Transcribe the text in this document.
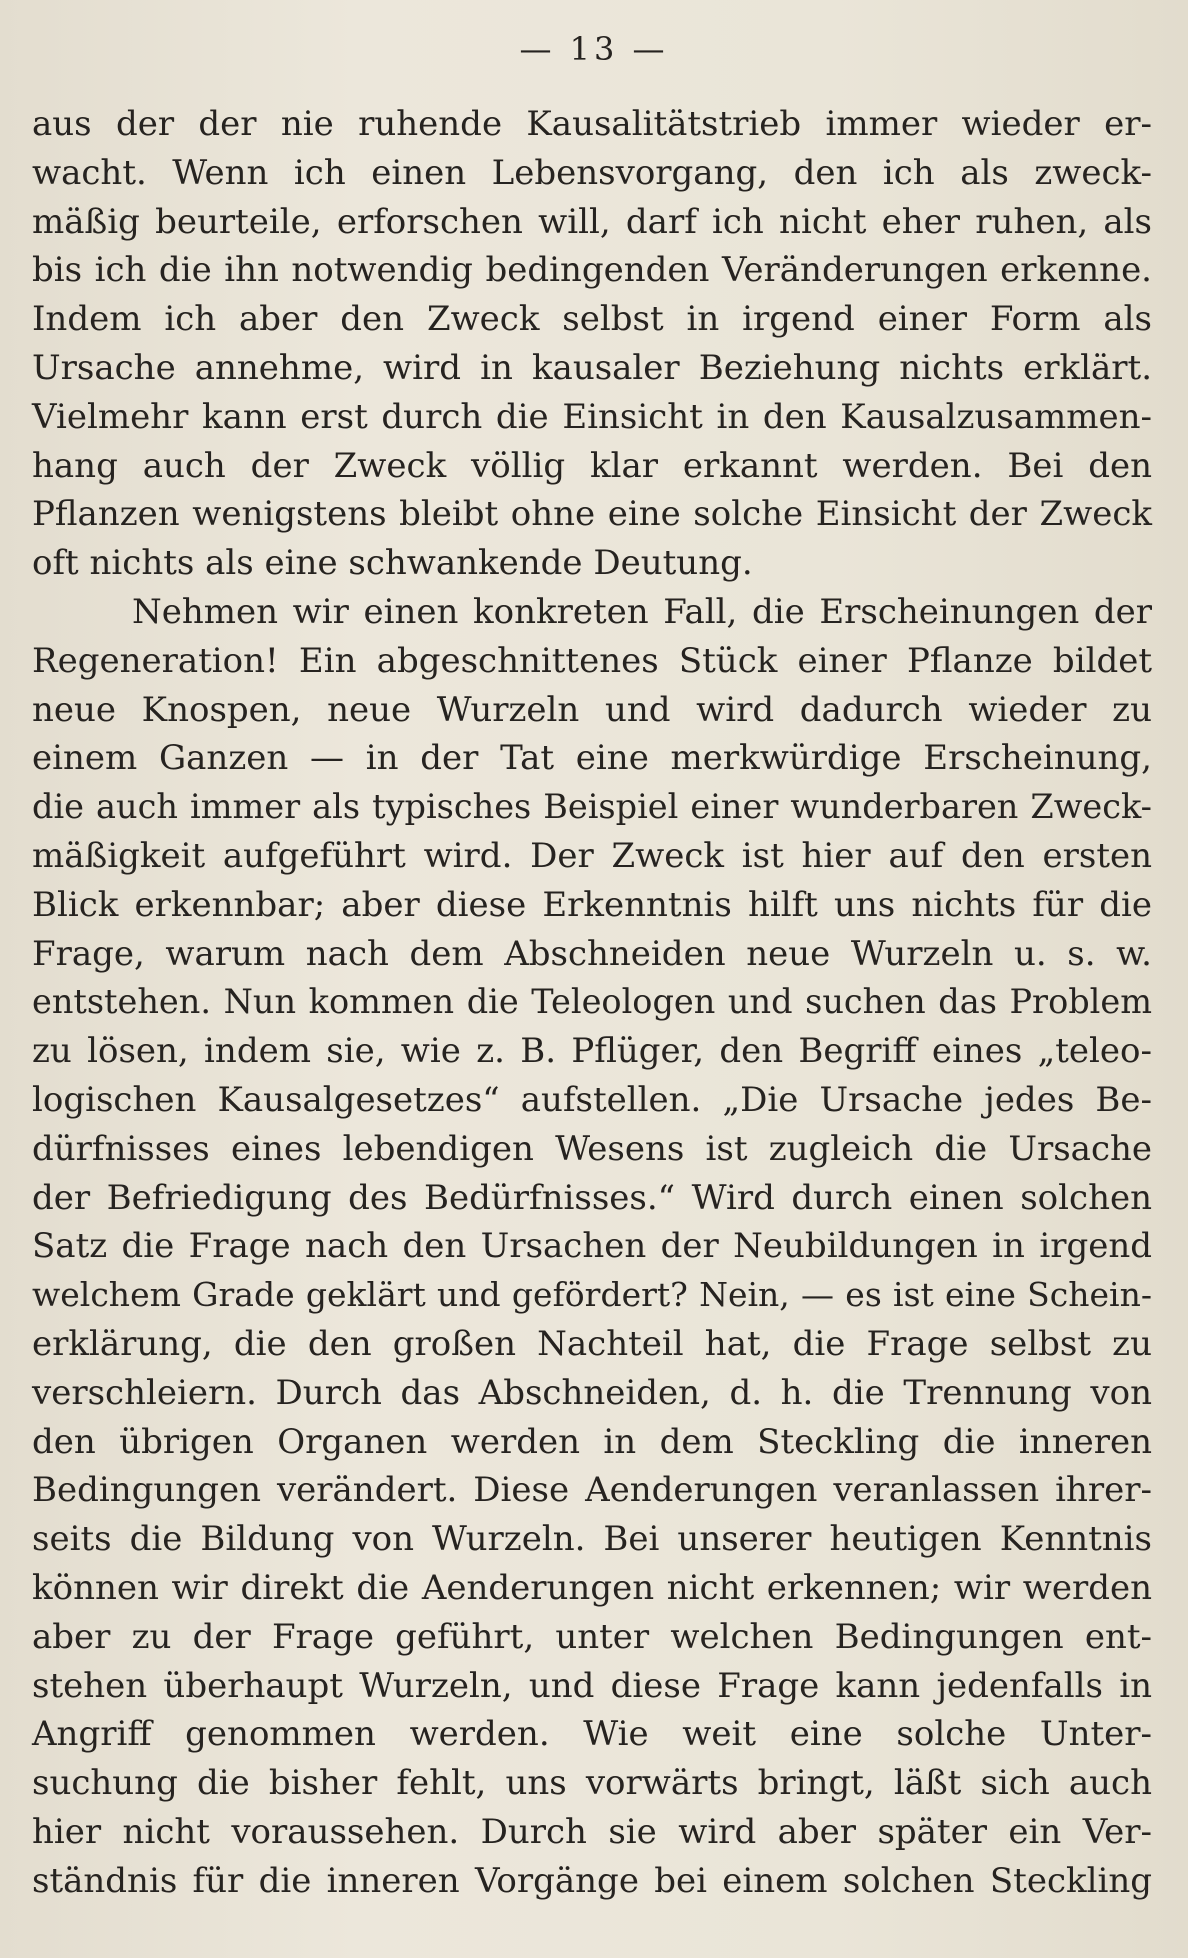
— 13 —
aus der der nie ruhende Kausalitätstrieb immer wieder er-
wacht. Wenn ich einen Lebensvorgang, den ich als zweck-
mäßig beurteile, erforschen will, darf ich nicht eher ruhen, als
bis ich die ihn notwendig bedingenden Veränderungen erkenne.
Indem ich aber den Zweck selbst in irgend einer Form als
Ursache annehme, wird in kausaler Beziehung nichts erklärt.
Vielmehr kann erst durch die Einsicht in den Kausalzusammen-
hang auch der Zweck völlig klar erkannt werden. Bei den
Pflanzen wenigstens bleibt ohne eine solche Einsicht der Zweck
oft nichts als eine schwankende Deutung.
Nehmen wir einen konkreten Fall, die Erscheinungen der
Regeneration! Ein abgeschnittenes Stück einer Pflanze bildet
neue Knospen, neue Wurzeln und wird dadurch wieder zu
einem Ganzen — in der Tat eine merkwürdige Erscheinung,
die auch immer als typisches Beispiel einer wunderbaren Zweck-
mäßigkeit aufgeführt wird. Der Zweck ist hier auf den ersten
Blick erkennbar; aber diese Erkenntnis hilft uns nichts für die
Frage, warum nach dem Abschneiden neue Wurzeln u. s. w.
entstehen. Nun kommen die Teleologen und suchen das Problem
zu lösen, indem sie, wie z. B. Pflüger, den Begriff eines „teleo-
logischen Kausalgesetzes“ aufstellen. „Die Ursache jedes Be-
dürfnisses eines lebendigen Wesens ist zugleich die Ursache
der Befriedigung des Bedürfnisses.“ Wird durch einen solchen
Satz die Frage nach den Ursachen der Neubildungen in irgend
welchem Grade geklärt und gefördert? Nein, — es ist eine Schein-
erklärung, die den großen Nachteil hat, die Frage selbst zu
verschleiern. Durch das Abschneiden, d. h. die Trennung von
den übrigen Organen werden in dem Steckling die inneren
Bedingungen verändert. Diese Aenderungen veranlassen ihrer-
seits die Bildung von Wurzeln. Bei unserer heutigen Kenntnis
können wir direkt die Aenderungen nicht erkennen; wir werden
aber zu der Frage geführt, unter welchen Bedingungen ent-
stehen überhaupt Wurzeln, und diese Frage kann jedenfalls in
Angriff genommen werden. Wie weit eine solche Unter-
suchung die bisher fehlt, uns vorwärts bringt, läßt sich auch
hier nicht voraussehen. Durch sie wird aber später ein Ver-
ständnis für die inneren Vorgänge bei einem solchen Steckling
